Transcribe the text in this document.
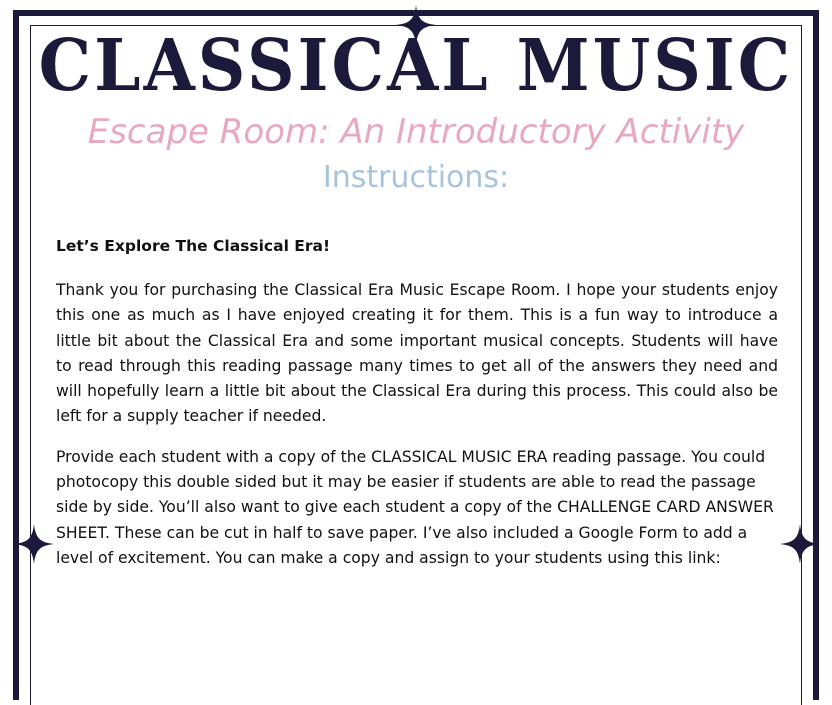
CLASSICAL MUSIC
Escape Room: An Introductory Activity
Instructions:
Let’s Explore The Classical Era!

Thank you for purchasing the Classical Era Music Escape Room. I hope your students enjoy this one as much as I have enjoyed creating it for them. This is a fun way to introduce a little bit about the Classical Era and some important musical concepts. Students will have to read through this reading passage many times to get all of the answers they need and will hopefully learn a little bit about the Classical Era during this process. This could also be left for a supply teacher if needed.

Provide each student with a copy of the CLASSICAL MUSIC ERA reading passage. You could photocopy this double sided but it may be easier if students are able to read the passage side by side. You’ll also want to give each student a copy of the CHALLENGE CARD ANSWER SHEET. These can be cut in half to save paper. I’ve also included a Google Form to add a level of excitement. You can make a copy and assign to your students using this link:
